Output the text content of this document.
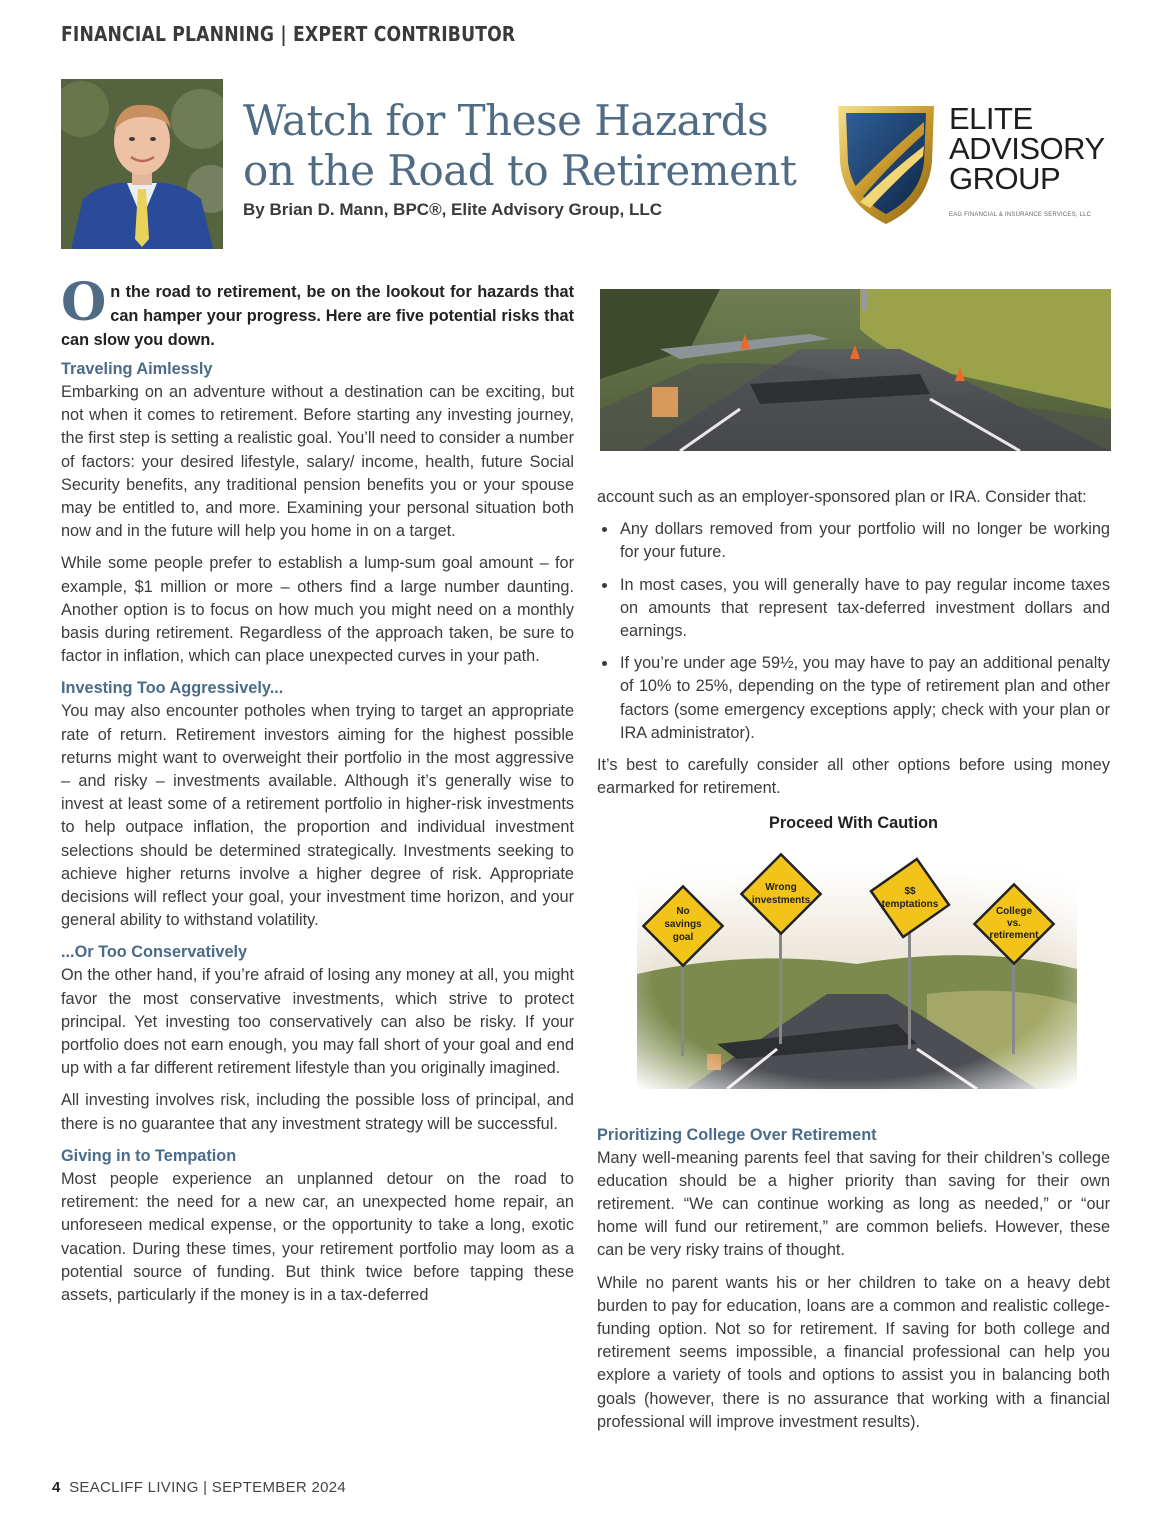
FINANCIAL PLANNING | EXPERT CONTRIBUTOR
Watch for These Hazards
on the Road to Retirement
By Brian D. Mann, BPC®, Elite Advisory Group, LLC
ELITE
ADVISORY
GROUP
EAG FINANCIAL & INSURANCE SERVICES, LLC

On the road to retirement, be on the lookout for hazards that can hamper your progress. Here are five potential risks that can slow you down.

Traveling Aimlessly

Embarking on an adventure without a destination can be exciting, but not when it comes to retirement. Before starting any investing journey, the first step is setting a realistic goal. You’ll need to consider a number of factors: your desired lifestyle, salary/ income, health, future Social Security benefits, any traditional pension benefits you or your spouse may be entitled to, and more. Examining your personal situation both now and in the future will help you home in on a target.

While some people prefer to establish a lump-sum goal amount – for example, $1 million or more – others find a large number daunting. Another option is to focus on how much you might need on a monthly basis during retirement. Regardless of the approach taken, be sure to factor in inflation, which can place unexpected curves in your path.

Investing Too Aggressively...

You may also encounter potholes when trying to target an appropriate rate of return. Retirement investors aiming for the highest possible returns might want to overweight their portfolio in the most aggressive – and risky – investments available. Although it’s generally wise to invest at least some of a retirement portfolio in higher-risk investments to help outpace inflation, the proportion and individual investment selections should be determined strategically. Investments seeking to achieve higher returns involve a higher degree of risk. Appropriate decisions will reflect your goal, your investment time horizon, and your general ability to withstand volatility.

...Or Too Conservatively

On the other hand, if you’re afraid of losing any money at all, you might favor the most conservative investments, which strive to protect principal. Yet investing too conservatively can also be risky. If your portfolio does not earn enough, you may fall short of your goal and end up with a far different retirement lifestyle than you originally imagined.

All investing involves risk, including the possible loss of principal, and there is no guarantee that any investment strategy will be successful.

Giving in to Tempation

Most people experience an unplanned detour on the road to retirement: the need for a new car, an unexpected home repair, an unforeseen medical expense, or the opportunity to take a long, exotic vacation. During these times, your retirement portfolio may loom as a potential source of funding. But think twice before tapping these assets, particularly if the money is in a tax-deferred

account such as an employer-sponsored plan or IRA. Consider that:

• Any dollars removed from your portfolio will no longer be working for your future.
• In most cases, you will generally have to pay regular income taxes on amounts that represent tax-deferred investment dollars and earnings.
• If you’re under age 59½, you may have to pay an additional penalty of 10% to 25%, depending on the type of retirement plan and other factors (some emergency exceptions apply; check with your plan or IRA administrator).

It’s best to carefully consider all other options before using money earmarked for retirement.

Proceed With Caution
No
savings
goal
Wrong
investments
$$
temptations
College
vs.
retirement
Prioritizing College Over Retirement

Many well-meaning parents feel that saving for their children’s college education should be a higher priority than saving for their own retirement. “We can continue working as long as needed,” or “our home will fund our retirement,” are common beliefs. However, these can be very risky trains of thought.

While no parent wants his or her children to take on a heavy debt burden to pay for education, loans are a common and realistic college-funding option. Not so for retirement. If saving for both college and retirement seems impossible, a financial professional can help you explore a variety of tools and options to assist you in balancing both goals (however, there is no assurance that working with a financial professional will improve investment results).

4 SEACLIFF LIVING | SEPTEMBER 2024
